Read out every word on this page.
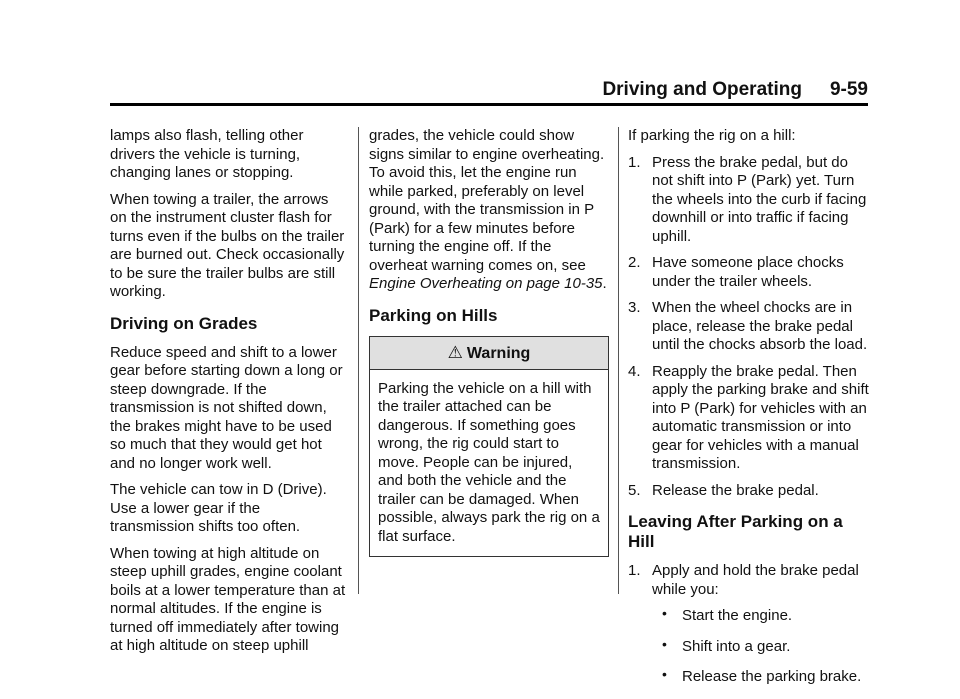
Driving and Operating 9-59

lamps also flash, telling other drivers the vehicle is turning, changing lanes or stopping.

When towing a trailer, the arrows on the instrument cluster flash for turns even if the bulbs on the trailer are burned out. Check occasionally to be sure the trailer bulbs are still working.

Driving on Grades

Reduce speed and shift to a lower gear before starting down a long or steep downgrade. If the transmission is not shifted down, the brakes might have to be used so much that they would get hot and no longer work well.

The vehicle can tow in D (Drive). Use a lower gear if the transmission shifts too often.

When towing at high altitude on steep uphill grades, engine coolant boils at a lower temperature than at normal altitudes. If the engine is turned off immediately after towing at high altitude on steep uphill

grades, the vehicle could show signs similar to engine overheating. To avoid this, let the engine run while parked, preferably on level ground, with the transmission in P (Park) for a few minutes before turning the engine off. If the overheat warning comes on, see Engine Overheating on page 10-35.

Parking on Hills
⚠ Warning
Parking the vehicle on a hill with the trailer attached can be dangerous. If something goes wrong, the rig could start to move. People can be injured, and both the vehicle and the trailer can be damaged. When possible, always park the rig on a flat surface.

If parking the rig on a hill:

1. Press the brake pedal, but do not shift into P (Park) yet. Turn the wheels into the curb if facing downhill or into traffic if facing uphill.
2. Have someone place chocks under the trailer wheels.
3. When the wheel chocks are in place, release the brake pedal until the chocks absorb the load.
4. Reapply the brake pedal. Then apply the parking brake and shift into P (Park) for vehicles with an automatic transmission or into gear for vehicles with a manual transmission.
5. Release the brake pedal.
Leaving After Parking on a Hill
1. Apply and hold the brake pedal while you:
• Start the engine.
• Shift into a gear.
• Release the parking brake.
